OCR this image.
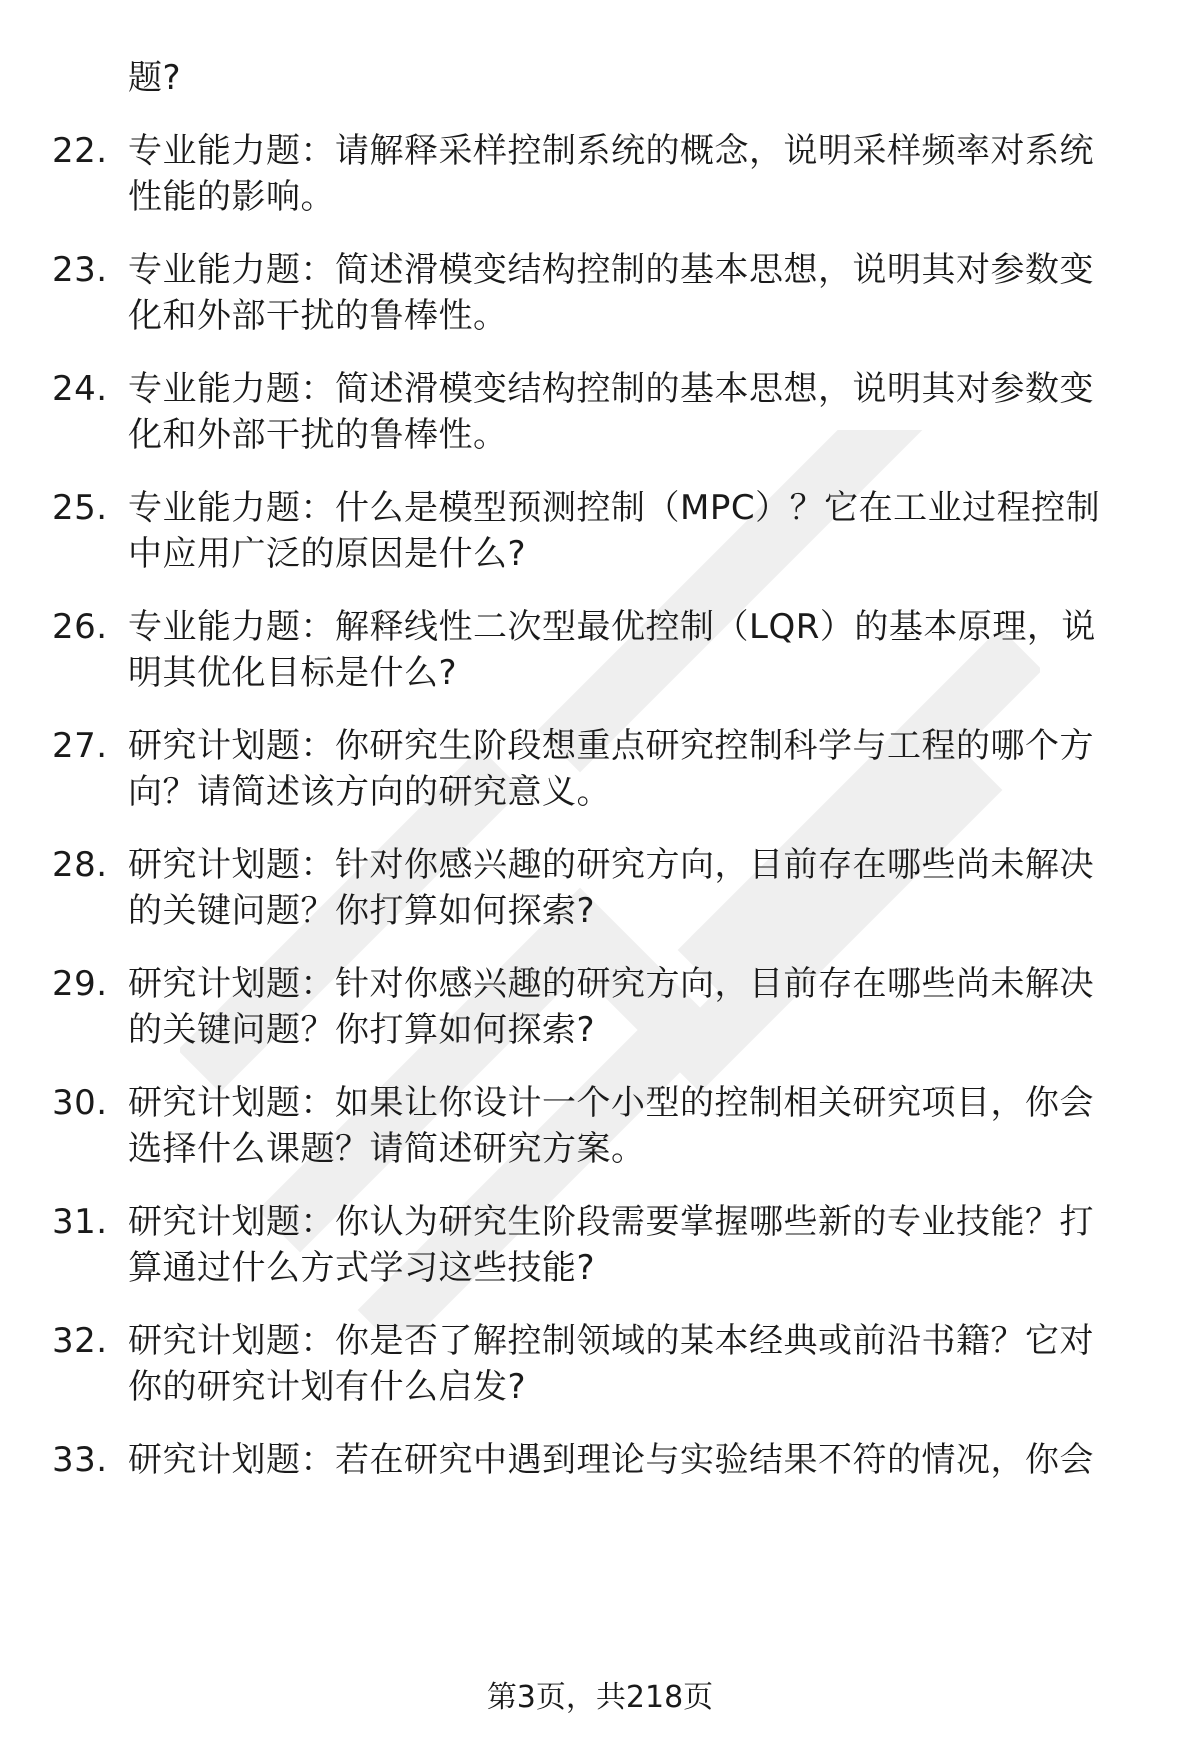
题?
22. 专业能力题：请解释采样控制系统的概念，说明采样频率对系统
性能的影响。
23. 专业能力题：简述滑模变结构控制的基本思想，说明其对参数变
化和外部干扰的鲁棒性。
24. 专业能力题：简述滑模变结构控制的基本思想，说明其对参数变
化和外部干扰的鲁棒性。
25. 专业能力题：什么是模型预测控制（MPC）？它在工业过程控制
中应用广泛的原因是什么?
26. 专业能力题：解释线性二次型最优控制（LQR）的基本原理，说
明其优化目标是什么?
27. 研究计划题：你研究生阶段想重点研究控制科学与工程的哪个方
向？请简述该方向的研究意义。
28. 研究计划题：针对你感兴趣的研究方向，目前存在哪些尚未解决
的关键问题？你打算如何探索?
29. 研究计划题：针对你感兴趣的研究方向，目前存在哪些尚未解决
的关键问题？你打算如何探索?
30. 研究计划题：如果让你设计一个小型的控制相关研究项目，你会
选择什么课题？请简述研究方案。
31. 研究计划题：你认为研究生阶段需要掌握哪些新的专业技能？打
算通过什么方式学习这些技能?
32. 研究计划题：你是否了解控制领域的某本经典或前沿书籍？它对
你的研究计划有什么启发?
33. 研究计划题：若在研究中遇到理论与实验结果不符的情况，你会
第3页，共218页
